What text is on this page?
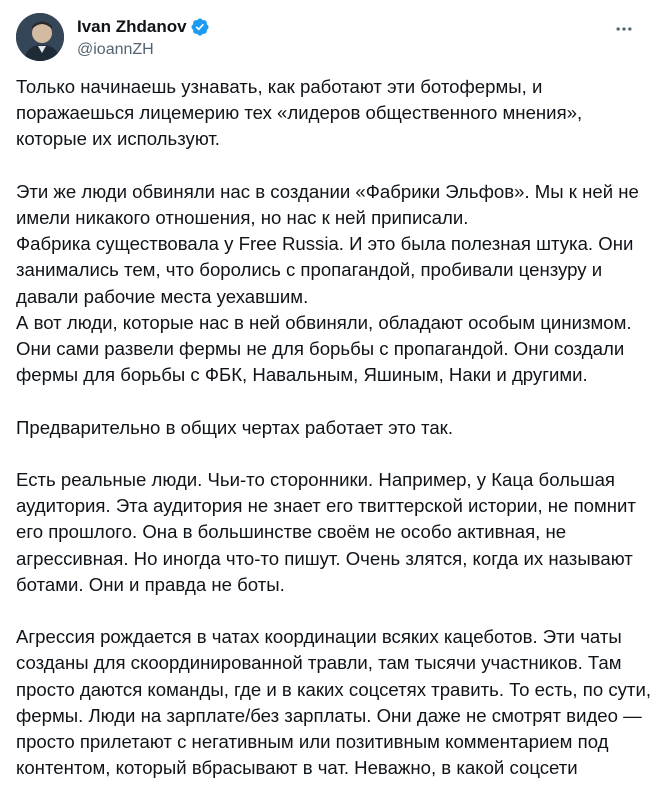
Ivan Zhdanov
@ioannZH

Только начинаешь узнавать, как работают эти ботофермы, и
поражаешься лицемерию тех «лидеров общественного мнения»,
которые их используют.

Эти же люди обвиняли нас в создании «Фабрики Эльфов». Мы к ней не
имели никакого отношения, но нас к ней приписали.
Фабрика существовала у Free Russia. И это была полезная штука. Они
занимались тем, что боролись с пропагандой, пробивали цензуру и
давали рабочие места уехавшим.
А вот люди, которые нас в ней обвиняли, обладают особым цинизмом.
Они сами развели фермы не для борьбы с пропагандой. Они создали
фермы для борьбы с ФБК, Навальным, Яшиным, Наки и другими.

Предварительно в общих чертах работает это так.

Есть реальные люди. Чьи-то сторонники. Например, у Каца большая
аудитория. Эта аудитория не знает его твиттерской истории, не помнит
его прошлого. Она в большинстве своём не особо активная, не
агрессивная. Но иногда что-то пишут. Очень злятся, когда их называют
ботами. Они и правда не боты.

Агрессия рождается в чатах координации всяких кацеботов. Эти чаты
созданы для скоординированной травли, там тысячи участников. Там
просто даются команды, где и в каких соцсетях травить. То есть, по сути,
фермы. Люди на зарплате/без зарплаты. Они даже не смотрят видео —
просто прилетают с негативным или позитивным комментарием под
контентом, который вбрасывают в чат. Неважно, в какой соцсети
